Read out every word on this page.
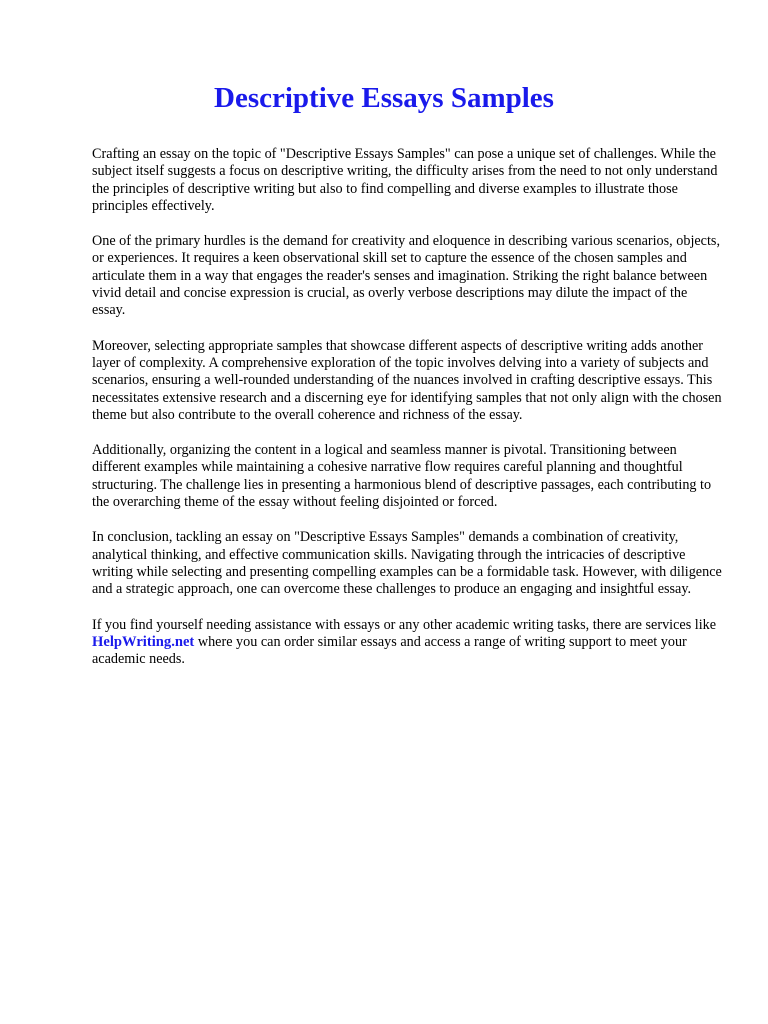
Descriptive Essays Samples

Crafting an essay on the topic of "Descriptive Essays Samples" can pose a unique set of challenges. While the subject itself suggests a focus on descriptive writing, the difficulty arises from the need to not only understand the principles of descriptive writing but also to find compelling and diverse examples to illustrate those principles effectively.

One of the primary hurdles is the demand for creativity and eloquence in describing various scenarios, objects, or experiences. It requires a keen observational skill set to capture the essence of the chosen samples and articulate them in a way that engages the reader's senses and imagination. Striking the right balance between vivid detail and concise expression is crucial, as overly verbose descriptions may dilute the impact of the essay.

Moreover, selecting appropriate samples that showcase different aspects of descriptive writing adds another layer of complexity. A comprehensive exploration of the topic involves delving into a variety of subjects and scenarios, ensuring a well-rounded understanding of the nuances involved in crafting descriptive essays. This necessitates extensive research and a discerning eye for identifying samples that not only align with the chosen theme but also contribute to the overall coherence and richness of the essay.

Additionally, organizing the content in a logical and seamless manner is pivotal. Transitioning between different examples while maintaining a cohesive narrative flow requires careful planning and thoughtful structuring. The challenge lies in presenting a harmonious blend of descriptive passages, each contributing to the overarching theme of the essay without feeling disjointed or forced.

In conclusion, tackling an essay on "Descriptive Essays Samples" demands a combination of creativity, analytical thinking, and effective communication skills. Navigating through the intricacies of descriptive writing while selecting and presenting compelling examples can be a formidable task. However, with diligence and a strategic approach, one can overcome these challenges to produce an engaging and insightful essay.

If you find yourself needing assistance with essays or any other academic writing tasks, there are services like HelpWriting.net where you can order similar essays and access a range of writing support to meet your academic needs.
